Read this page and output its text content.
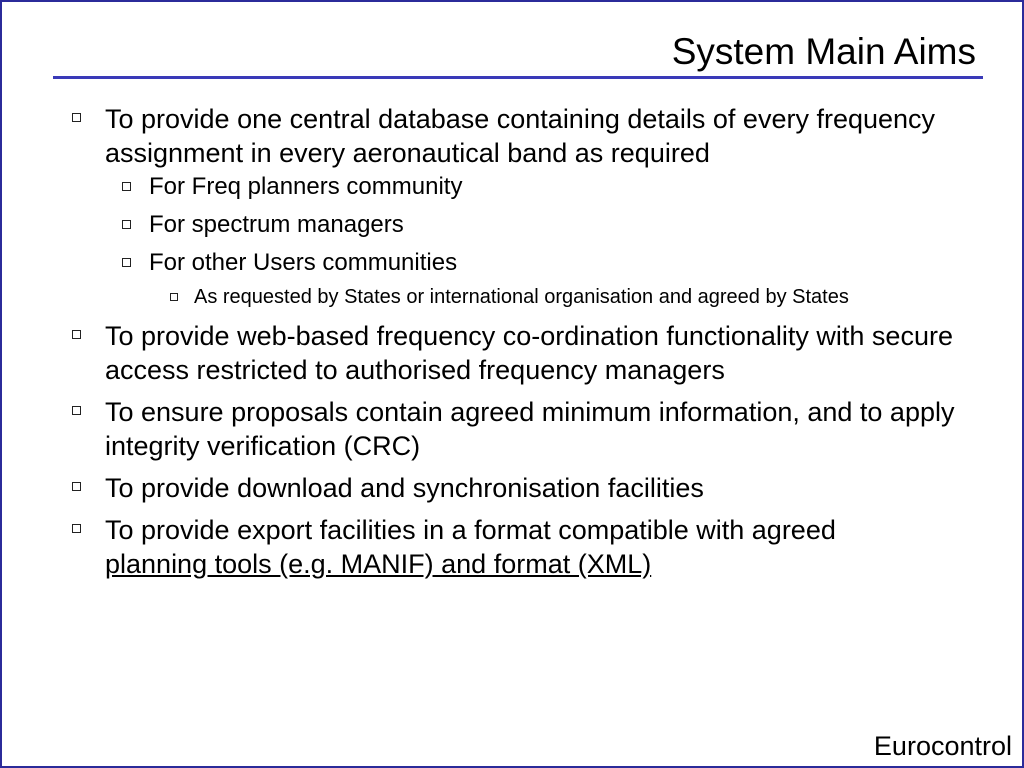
System Main Aims
To provide one central database containing details of every frequency assignment in every aeronautical band as required
For Freq planners community
For spectrum managers
For other Users communities
As requested by States or international organisation and agreed by States
To provide web-based frequency co-ordination functionality with secure access restricted to authorised frequency managers
To ensure proposals contain agreed minimum information, and to apply integrity verification (CRC)
To provide download and synchronisation facilities
To provide export facilities in a format compatible with agreed
planning tools (e.g. MANIF) and format (XML)
Eurocontrol
